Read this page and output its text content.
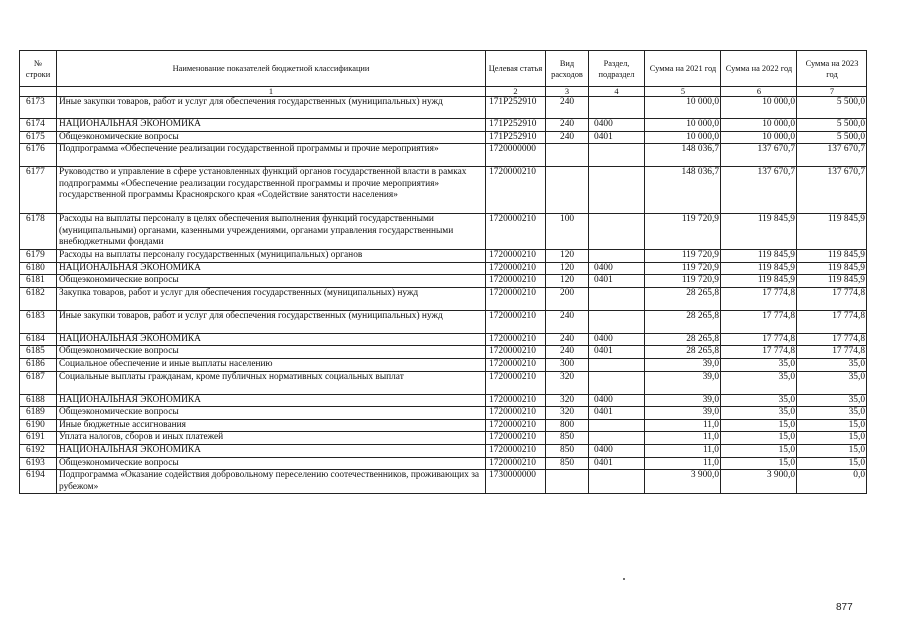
№ строки	Наименование показателей бюджетной классификации	Целевая статья	Вид расходов	Раздел, подраздел	Сумма на 2021 год	Сумма на 2022 год	Сумма на 2023 год
	1	2	3	4	5	6	7
6173	Иные закупки товаров, работ и услуг для обеспечения государственных (муниципальных) нужд	171P252910	240		10 000,0	10 000,0	5 500,0
6174	НАЦИОНАЛЬНАЯ ЭКОНОМИКА	171P252910	240	0400	10 000,0	10 000,0	5 500,0
6175	Общеэкономические вопросы	171P252910	240	0401	10 000,0	10 000,0	5 500,0
6176	Подпрограмма «Обеспечение реализации государственной программы и прочие мероприятия»	1720000000			148 036,7	137 670,7	137 670,7
6177	Руководство и управление в сфере установленных функций органов государственной власти в рамках подпрограммы «Обеспечение реализации государственной программы и прочие мероприятия» государственной программы Красноярского края «Содействие занятости населения»	1720000210			148 036,7	137 670,7	137 670,7
6178	Расходы на выплаты персоналу в целях обеспечения выполнения функций государственными (муниципальными) органами, казенными учреждениями, органами управления государственными внебюджетными фондами	1720000210	100		119 720,9	119 845,9	119 845,9
6179	Расходы на выплаты персоналу государственных (муниципальных) органов	1720000210	120		119 720,9	119 845,9	119 845,9
6180	НАЦИОНАЛЬНАЯ ЭКОНОМИКА	1720000210	120	0400	119 720,9	119 845,9	119 845,9
6181	Общеэкономические вопросы	1720000210	120	0401	119 720,9	119 845,9	119 845,9
6182	Закупка товаров, работ и услуг для обеспечения государственных (муниципальных) нужд	1720000210	200		28 265,8	17 774,8	17 774,8
6183	Иные закупки товаров, работ и услуг для обеспечения государственных (муниципальных) нужд	1720000210	240		28 265,8	17 774,8	17 774,8
6184	НАЦИОНАЛЬНАЯ ЭКОНОМИКА	1720000210	240	0400	28 265,8	17 774,8	17 774,8
6185	Общеэкономические вопросы	1720000210	240	0401	28 265,8	17 774,8	17 774,8
6186	Социальное обеспечение и иные выплаты населению	1720000210	300		39,0	35,0	35,0
6187	Социальные выплаты гражданам, кроме публичных нормативных социальных выплат	1720000210	320		39,0	35,0	35,0
6188	НАЦИОНАЛЬНАЯ ЭКОНОМИКА	1720000210	320	0400	39,0	35,0	35,0
6189	Общеэкономические вопросы	1720000210	320	0401	39,0	35,0	35,0
6190	Иные бюджетные ассигнования	1720000210	800		11,0	15,0	15,0
6191	Уплата налогов, сборов и иных платежей	1720000210	850		11,0	15,0	15,0
6192	НАЦИОНАЛЬНАЯ ЭКОНОМИКА	1720000210	850	0400	11,0	15,0	15,0
6193	Общеэкономические вопросы	1720000210	850	0401	11,0	15,0	15,0
6194	Подпрограмма «Оказание содействия добровольному переселению соотечественников, проживающих за рубежом»	1730000000			3 900,0	3 900,0	0,0
877
